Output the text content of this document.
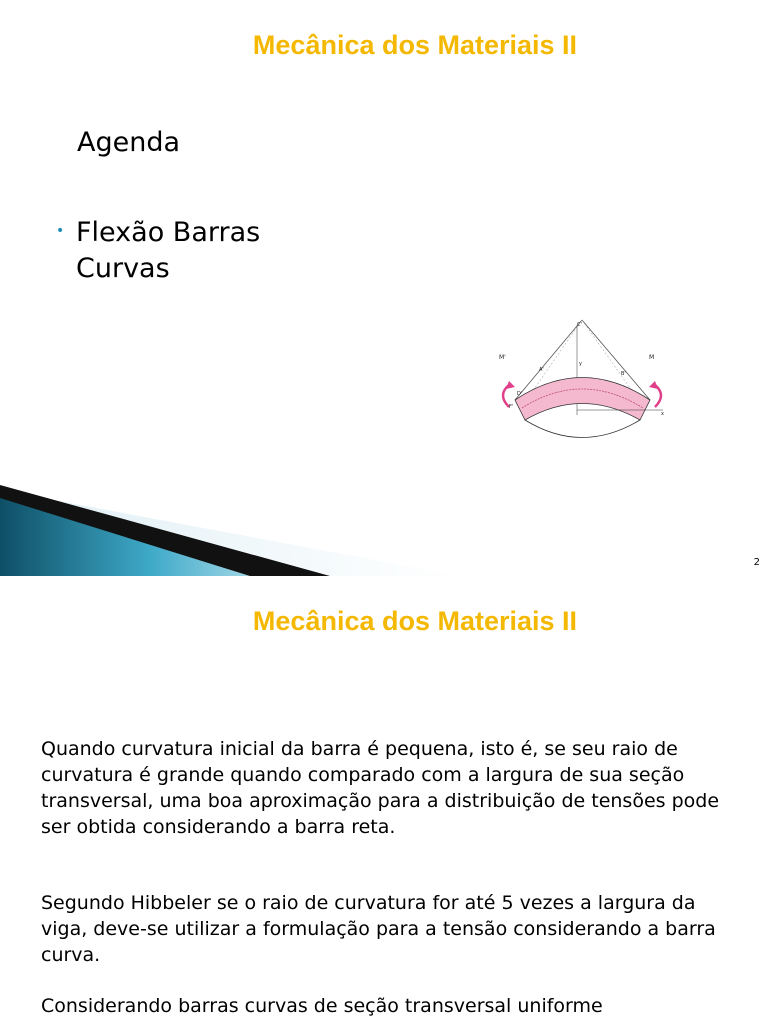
Mecânica dos Materiais II
Agenda
• Flexão Barras Curvas
M'	M
C'
A'
B'
D'
F'
y
x
2
Mecânica dos Materiais II
Quando curvatura inicial da barra é pequena, isto é, se seu raio de curvatura é grande quando comparado com a largura de sua seção transversal, uma boa aproximação para a distribuição de tensões pode ser obtida considerando a barra reta.
Segundo Hibbeler se o raio de curvatura for até 5 vezes a largura da viga, deve-se utilizar a formulação para a tensão considerando a barra curva.
Considerando barras curvas de seção transversal uniforme
